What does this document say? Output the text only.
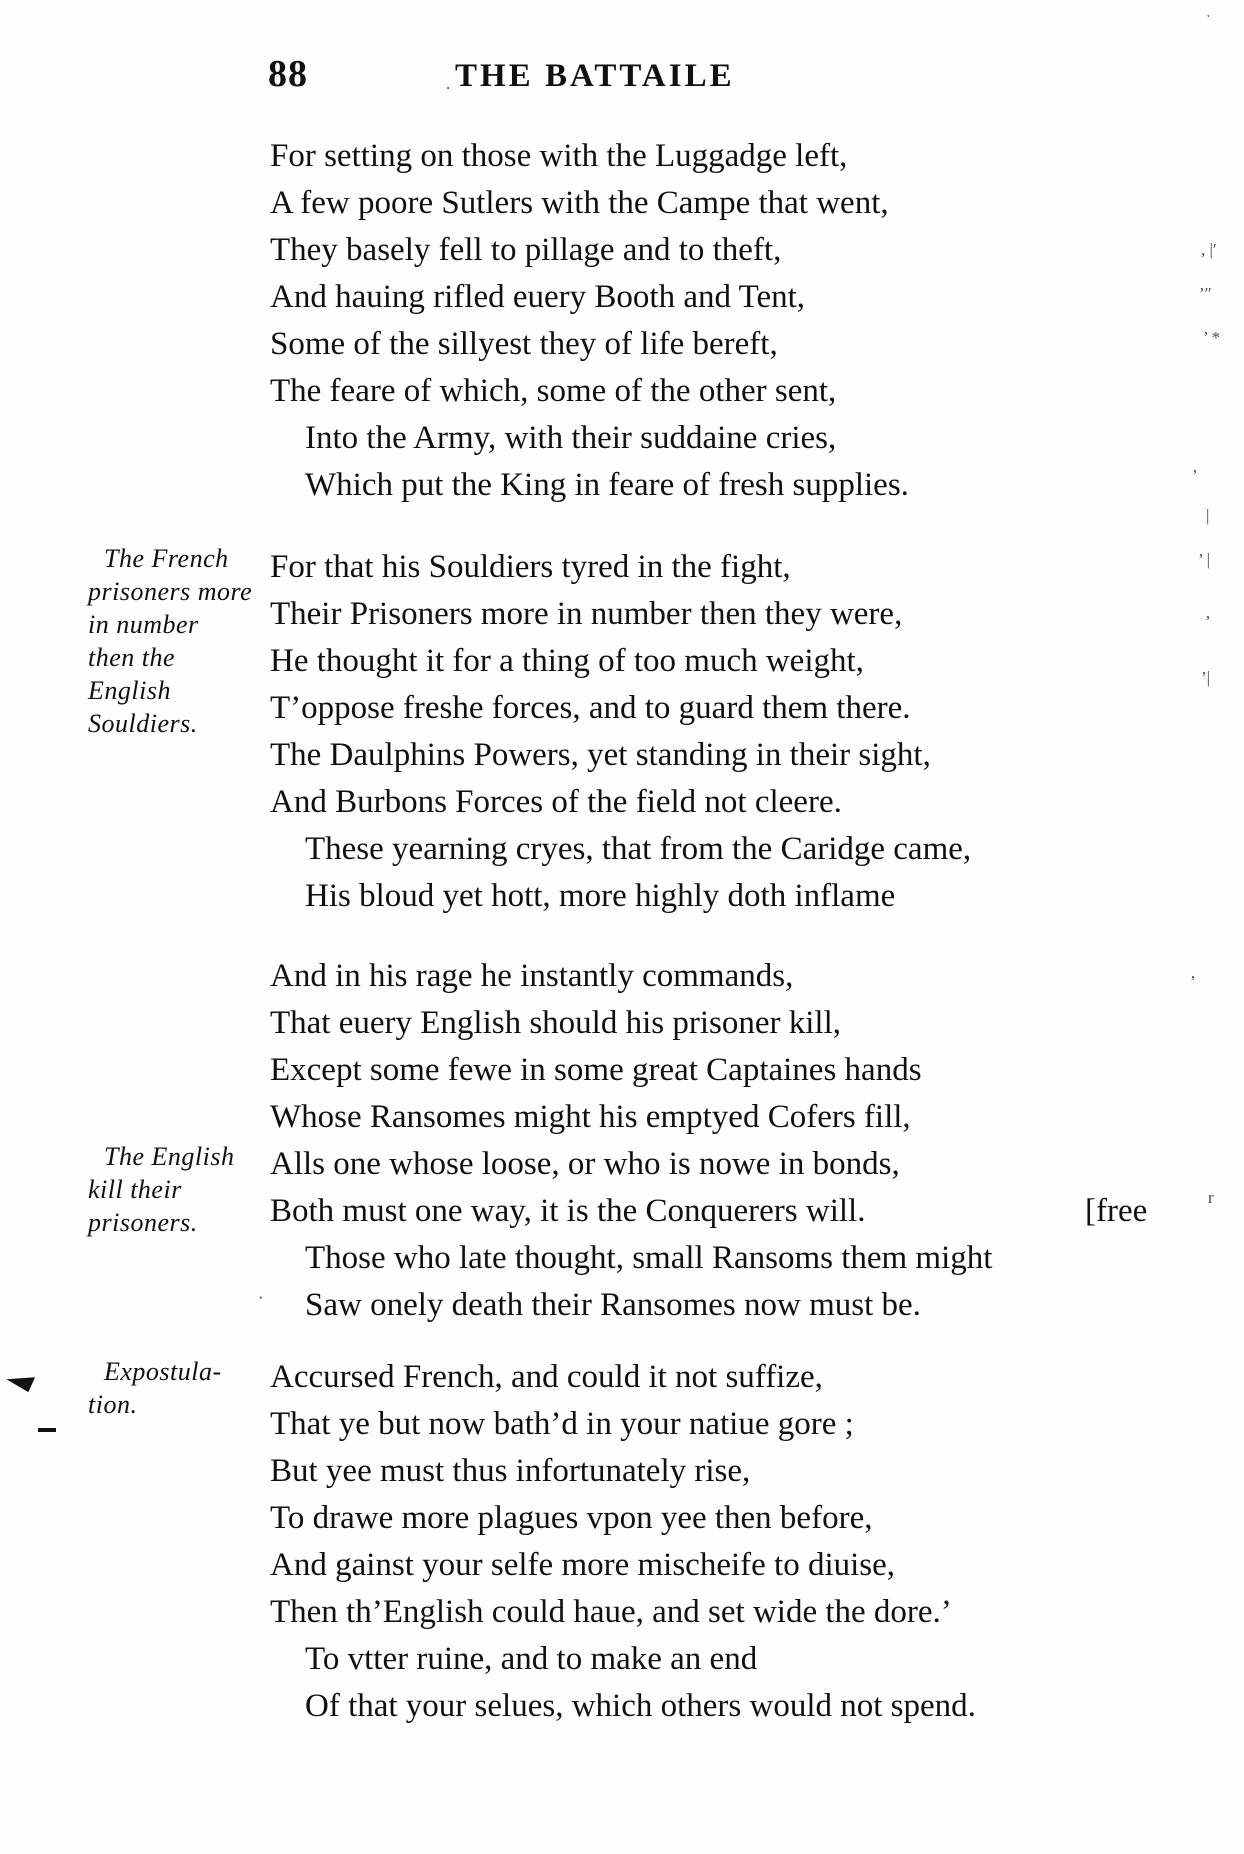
88	THE BATTAILE
For setting on those with the Luggadge left,
A few poore Sutlers with the Campe that went,
They basely fell to pillage and to theft,
And hauing rifled euery Booth and Tent,
Some of the sillyest they of life bereft,
The feare of which, some of the other sent,
Into the Army, with their suddaine cries,
Which put the King in feare of fresh supplies.
The French
prisoners more
in number
then the
English
Souldiers.
For that his Souldiers tyred in the fight,
Their Prisoners more in number then they were,
He thought it for a thing of too much weight,
T’oppose freshe forces, and to guard them there.
The Daulphins Powers, yet standing in their sight,
And Burbons Forces of the field not cleere.
These yearning cryes, that from the Caridge came,
His bloud yet hott, more highly doth inflame
The English
kill their
prisoners.
And in his rage he instantly commands,
That euery English should his prisoner kill,
Except some fewe in some great Captaines hands
Whose Ransomes might his emptyed Cofers fill,
Alls one whose loose, or who is nowe in bonds,
Both must one way, it is the Conquerers will.	[free
Those who late thought, small Ransoms them might
Saw onely death their Ransomes now must be.
Expostula-
tion.
Accursed French, and could it not suffize,
That ye but now bath’d in your natiue gore ;
But yee must thus infortunately rise,
To drawe more plagues vpon yee then before,
And gainst your selfe more mischeife to diuise,
Then th’English could haue, and set wide the dore.’
To vtter ruine, and to make an end
Of that your selues, which others would not spend.
ˑ
, |′
’″
’ *
’
|
’ |
’
’|
’
r
·
.
